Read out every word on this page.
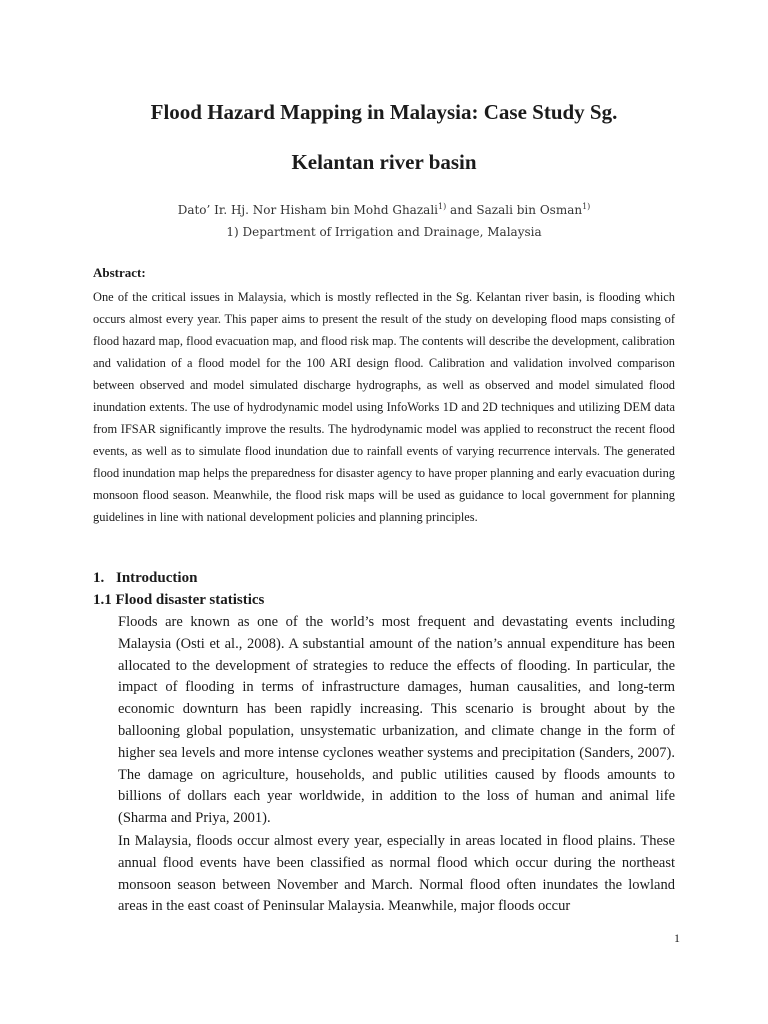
Flood Hazard Mapping in Malaysia: Case Study Sg.
Kelantan river basin
Dato’ Ir. Hj. Nor Hisham bin Mohd Ghazali$^{1)}$ and Sazali bin Osman$^{1)}$
1) Department of Irrigation and Drainage, Malaysia
Abstract:
One of the critical issues in Malaysia, which is mostly reflected in the Sg. Kelantan river basin, is flooding which occurs almost every year. This paper aims to present the result of the study on developing flood maps consisting of flood hazard map, flood evacuation map, and flood risk map. The contents will describe the development, calibration and validation of a flood model for the 100 ARI design flood. Calibration and validation involved comparison between observed and model simulated discharge hydrographs, as well as observed and model simulated flood inundation extents. The use of hydrodynamic model using InfoWorks 1D and 2D techniques and utilizing DEM data from IFSAR significantly improve the results. The hydrodynamic model was applied to reconstruct the recent flood events, as well as to simulate flood inundation due to rainfall events of varying recurrence intervals. The generated flood inundation map helps the preparedness for disaster agency to have proper planning and early evacuation during monsoon flood season. Meanwhile, the flood risk maps will be used as guidance to local government for planning guidelines in line with national development policies and planning principles.
1. Introduction
1.1 Flood disaster statistics
Floods are known as one of the world’s most frequent and devastating events including Malaysia (Osti et al., 2008). A substantial amount of the nation’s annual expenditure has been allocated to the development of strategies to reduce the effects of flooding. In particular, the impact of flooding in terms of infrastructure damages, human causalities, and long-term economic downturn has been rapidly increasing. This scenario is brought about by the ballooning global population, unsystematic urbanization, and climate change in the form of higher sea levels and more intense cyclones weather systems and precipitation (Sanders, 2007). The damage on agriculture, households, and public utilities caused by floods amounts to billions of dollars each year worldwide, in addition to the loss of human and animal life (Sharma and Priya, 2001).
In Malaysia, floods occur almost every year, especially in areas located in flood plains. These annual flood events have been classified as normal flood which occur during the northeast monsoon season between November and March. Normal flood often inundates the lowland areas in the east coast of Peninsular Malaysia. Meanwhile, major floods occur
1
